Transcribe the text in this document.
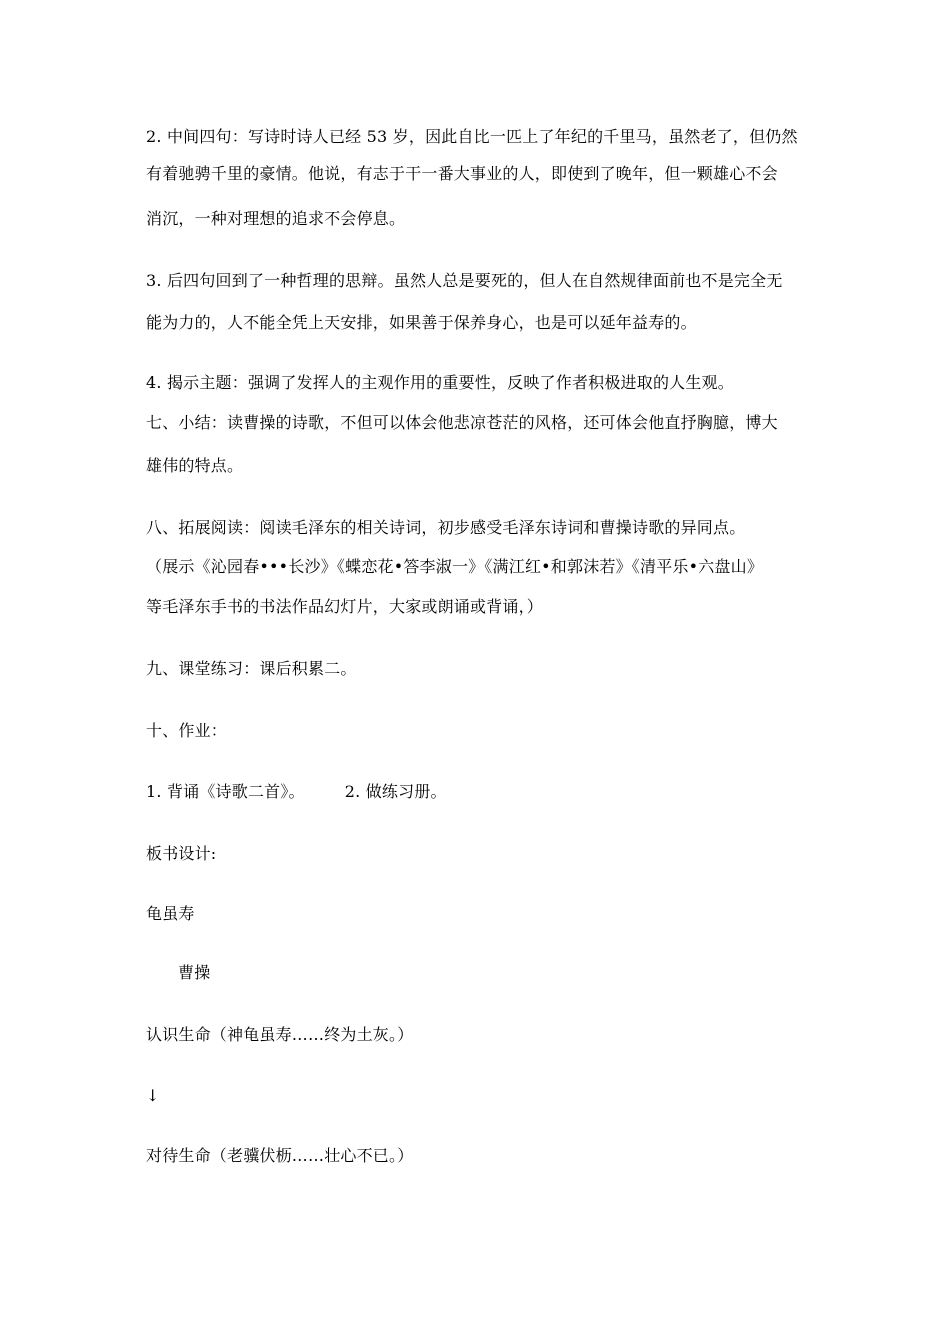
2. 中间四句：写诗时诗人已经 53 岁，因此自比一匹上了年纪的千里马，虽然老了，但仍然
有着驰骋千里的豪情。他说，有志于干一番大事业的人，即使到了晚年，但一颗雄心不会
消沉，一种对理想的追求不会停息。
3. 后四句回到了一种哲理的思辩。虽然人总是要死的，但人在自然规律面前也不是完全无
能为力的，人不能全凭上天安排，如果善于保养身心，也是可以延年益寿的。
4. 揭示主题：强调了发挥人的主观作用的重要性，反映了作者积极进取的人生观。
七、小结：读曹操的诗歌，不但可以体会他悲凉苍茫的风格，还可体会他直抒胸臆，博大
雄伟的特点。
八、拓展阅读：阅读毛泽东的相关诗词，初步感受毛泽东诗词和曹操诗歌的异同点。
（展示《沁园春•••长沙》《蝶恋花•答李淑一》《满江红•和郭沫若》《清平乐•六盘山》
等毛泽东手书的书法作品幻灯片，大家或朗诵或背诵，）
九、课堂练习：课后积累二。
十、作业：
1. 背诵《诗歌二首》。	2. 做练习册。
板书设计:
龟虽寿
曹操
认识生命（神龟虽寿……终为土灰。）
↓
对待生命（老骥伏枥……壮心不已。）
